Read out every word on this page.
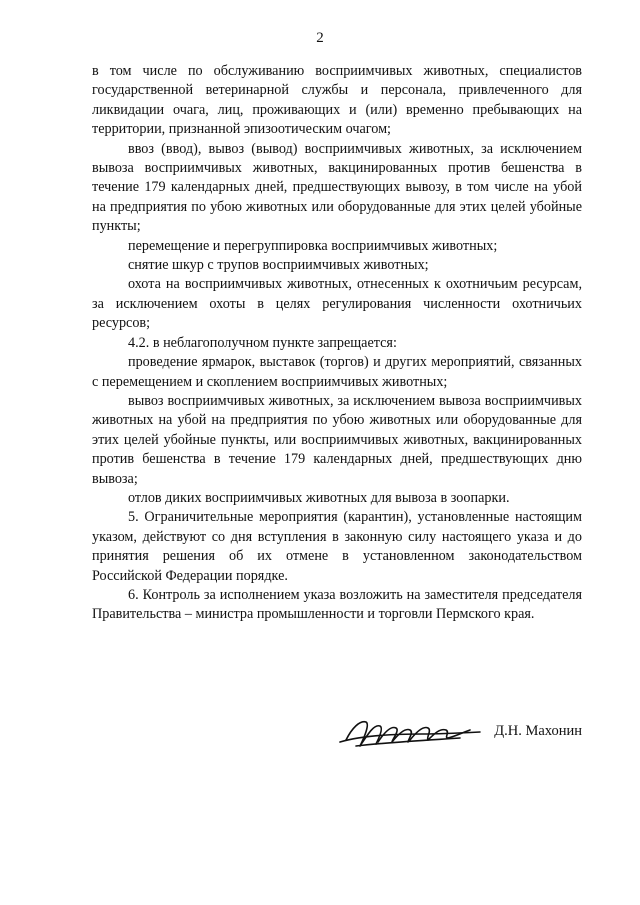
2

в том числе по обслуживанию восприимчивых животных, специалистов государственной ветеринарной службы и персонала, привлеченного для ликвидации очага, лиц, проживающих и (или) временно пребывающих на территории, признанной эпизоотическим очагом;

ввоз (ввод), вывоз (вывод) восприимчивых животных, за исключением вывоза восприимчивых животных, вакцинированных против бешенства в течение 179 календарных дней, предшествующих вывозу, в том числе на убой на предприятия по убою животных или оборудованные для этих целей убойные пункты;

перемещение и перегруппировка восприимчивых животных;

снятие шкур с трупов восприимчивых животных;

охота на восприимчивых животных, отнесенных к охотничьим ресурсам, за исключением охоты в целях регулирования численности охотничьих ресурсов;

4.2. в неблагополучном пункте запрещается:

проведение ярмарок, выставок (торгов) и других мероприятий, связанных с перемещением и скоплением восприимчивых животных;

вывоз восприимчивых животных, за исключением вывоза восприимчивых животных на убой на предприятия по убою животных или оборудованные для этих целей убойные пункты, или восприимчивых животных, вакцинированных против бешенства в течение 179 календарных дней, предшествующих дню вывоза;

отлов диких восприимчивых животных для вывоза в зоопарки.

5. Ограничительные мероприятия (карантин), установленные настоящим указом, действуют со дня вступления в законную силу настоящего указа и до принятия решения об их отмене в установленном законодательством Российской Федерации порядке.

6. Контроль за исполнением указа возложить на заместителя председателя Правительства – министра промышленности и торговли Пермского края.

Д.Н. Махонин
